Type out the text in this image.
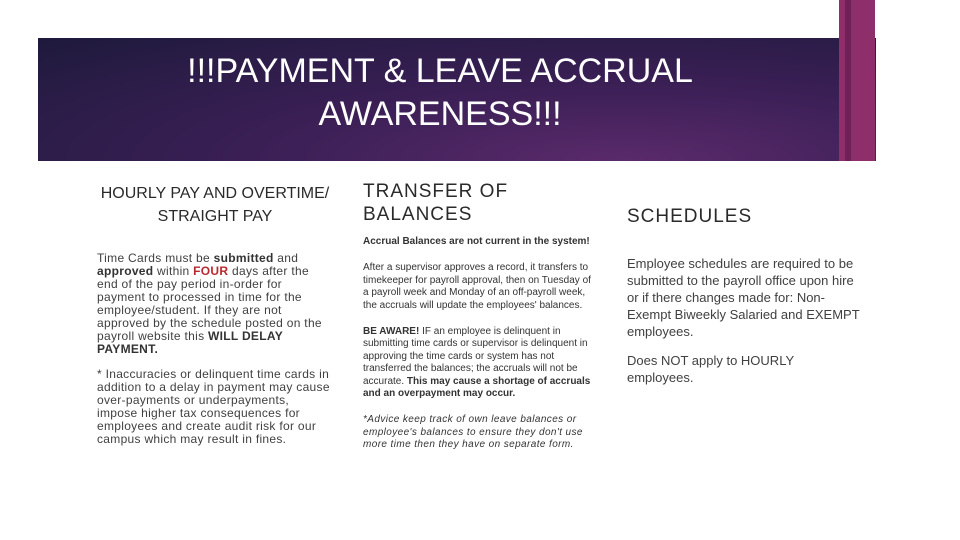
!!!PAYMENT & LEAVE ACCRUAL
AWARENESS!!!
HOURLY PAY AND OVERTIME/ STRAIGHT PAY

Time Cards must be submitted and approved within FOUR days after the end of the pay period in-order for payment to processed in time for the employee/student. If they are not approved by the schedule posted on the payroll website this WILL DELAY PAYMENT.

* Inaccuracies or delinquent time cards in addition to a delay in payment may cause over-payments or underpayments, impose higher tax consequences for employees and create audit risk for our campus which may result in fines.

TRANSFER OF BALANCES

Accrual Balances are not current in the system!

After a supervisor approves a record, it transfers to timekeeper for payroll approval, then on Tuesday of a payroll week and Monday of an off-payroll week, the accruals will update the employees' balances.

BE AWARE! IF an employee is delinquent in submitting time cards or supervisor is delinquent in approving the time cards or system has not transferred the balances; the accruals will not be accurate. This may cause a shortage of accruals and an overpayment may occur.

*Advice keep track of own leave balances or employee's balances to ensure they don't use more time then they have on separate form.

SCHEDULES

Employee schedules are required to be submitted to the payroll office upon hire or if there changes made for: Non-Exempt Biweekly Salaried and EXEMPT employees.

Does NOT apply to HOURLY employees.
